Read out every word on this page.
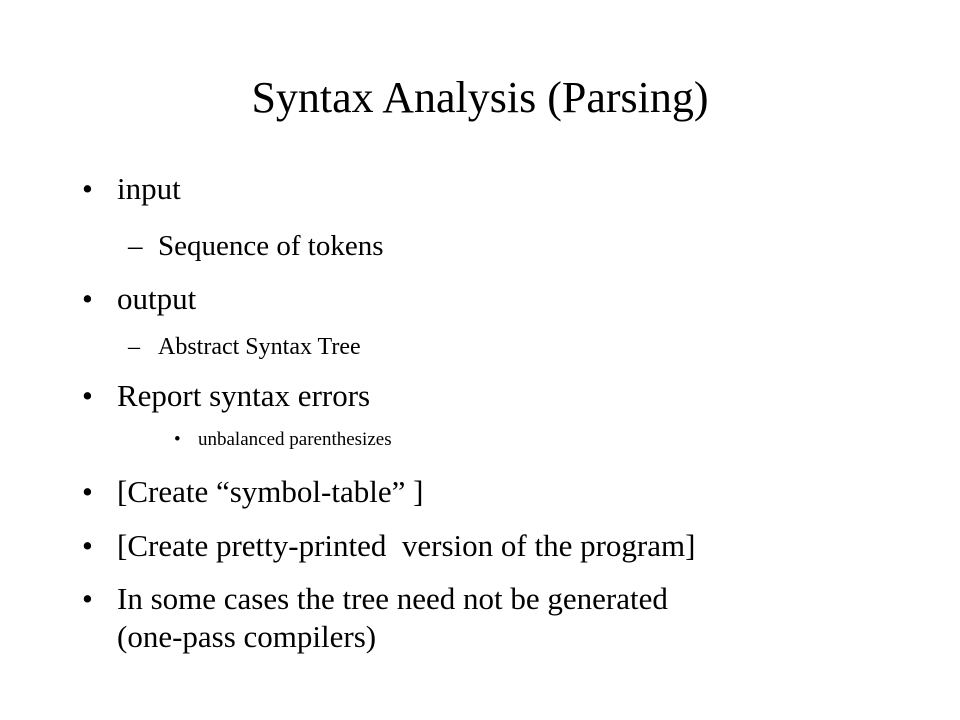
Syntax Analysis (Parsing)
• input
– Sequence of tokens
• output
– Abstract Syntax Tree
• Report syntax errors
• unbalanced parenthesizes
• [Create “symbol-table” ]
• [Create pretty-printed  version of the program]
• In some cases the tree need not be generated
(one-pass compilers)
